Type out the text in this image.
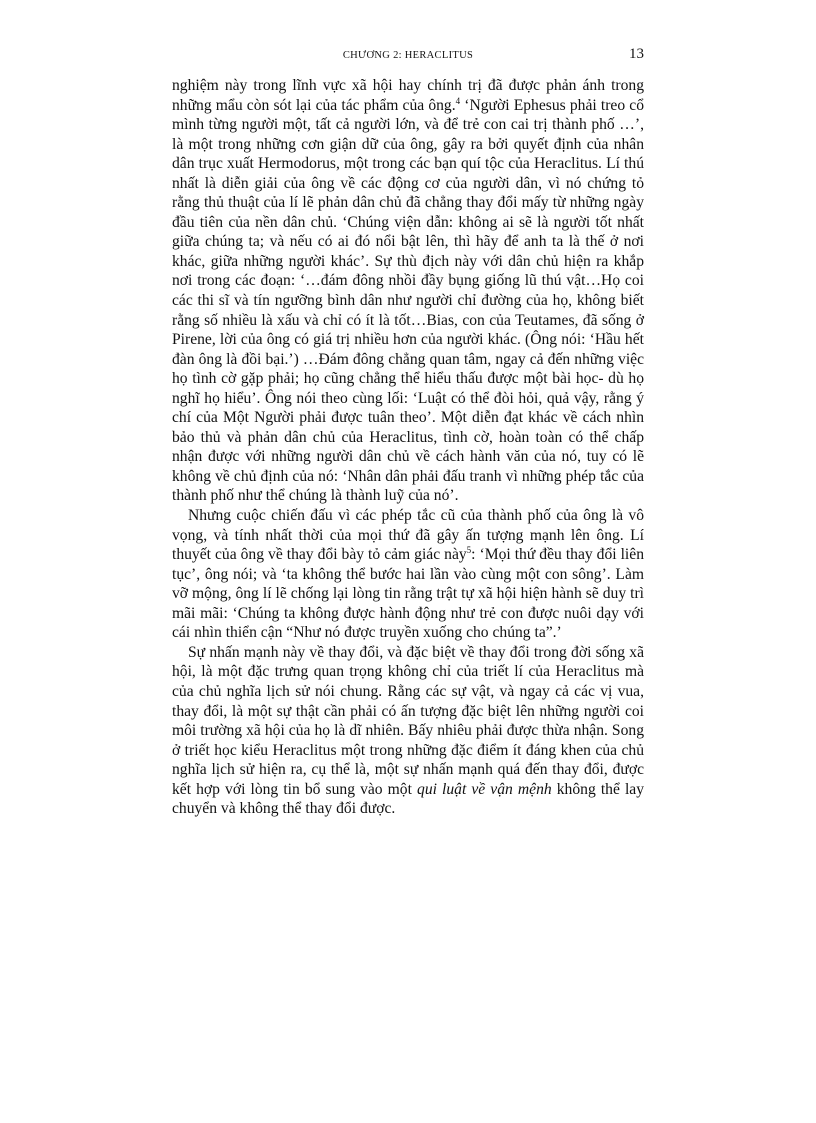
CHƯƠNG 2: HERACLITUS	13

nghiệm này trong lĩnh vực xã hội hay chính trị đã được phản ánh trong những mẩu còn sót lại của tác phẩm của ông.$^4$ ‘Người Ephesus phải treo cổ mình từng người một, tất cả người lớn, và để trẻ con cai trị thành phố …’, là một trong những cơn giận dữ của ông, gây ra bởi quyết định của nhân dân trục xuất Hermodorus, một trong các bạn quí tộc của Heraclitus. Lí thú nhất là diễn giải của ông về các động cơ của người dân, vì nó chứng tỏ rằng thủ thuật của lí lẽ phản dân chủ đã chẳng thay đổi mấy từ những ngày đầu tiên của nền dân chủ. ‘Chúng viện dẫn: không ai sẽ là người tốt nhất giữa chúng ta; và nếu có ai đó nổi bật lên, thì hãy để anh ta là thế ở nơi khác, giữa những người khác’. Sự thù địch này với dân chủ hiện ra khắp nơi trong các đoạn: ‘…đám đông nhồi đầy bụng giống lũ thú vật…Họ coi các thi sĩ và tín ngưỡng bình dân như người chỉ đường của họ, không biết rằng số nhiều là xấu và chỉ có ít là tốt…Bias, con của Teutames, đã sống ở Pirene, lời của ông có giá trị nhiều hơn của người khác. (Ông nói: ‘Hầu hết đàn ông là đồi bại.’) …Đám đông chẳng quan tâm, ngay cả đến những việc họ tình cờ gặp phải; họ cũng chẳng thể hiểu thấu được một bài học- dù họ nghĩ họ hiểu’. Ông nói theo cùng lối: ‘Luật có thể đòi hỏi, quả vậy, rằng ý chí của Một Người phải được tuân theo’. Một diễn đạt khác về cách nhìn bảo thủ và phản dân chủ của Heraclitus, tình cờ, hoàn toàn có thể chấp nhận được với những người dân chủ về cách hành văn của nó, tuy có lẽ không về chủ định của nó: ‘Nhân dân phải đấu tranh vì những phép tắc của thành phố như thể chúng là thành luỹ của nó’.

Nhưng cuộc chiến đấu vì các phép tắc cũ của thành phố của ông là vô vọng, và tính nhất thời của mọi thứ đã gây ấn tượng mạnh lên ông. Lí thuyết của ông về thay đổi bày tỏ cảm giác này$^5$: ‘Mọi thứ đều thay đổi liên tục’, ông nói; và ‘ta không thể bước hai lần vào cùng một con sông’. Làm vỡ mộng, ông lí lẽ chống lại lòng tin rằng trật tự xã hội hiện hành sẽ duy trì mãi mãi: ‘Chúng ta không được hành động như trẻ con được nuôi dạy với cái nhìn thiển cận “Như nó được truyền xuống cho chúng ta”.’

Sự nhấn mạnh này về thay đổi, và đặc biệt về thay đổi trong đời sống xã hội, là một đặc trưng quan trọng không chỉ của triết lí của Heraclitus mà của chủ nghĩa lịch sử nói chung. Rằng các sự vật, và ngay cả các vị vua, thay đổi, là một sự thật cần phải có ấn tượng đặc biệt lên những người coi môi trường xã hội của họ là dĩ nhiên. Bấy nhiêu phải được thừa nhận. Song ở triết học kiểu Heraclitus một trong những đặc điểm ít đáng khen của chủ nghĩa lịch sử hiện ra, cụ thể là, một sự nhấn mạnh quá đến thay đổi, được kết hợp với lòng tin bổ sung vào một qui luật về vận mệnh không thể lay chuyển và không thể thay đổi được.
